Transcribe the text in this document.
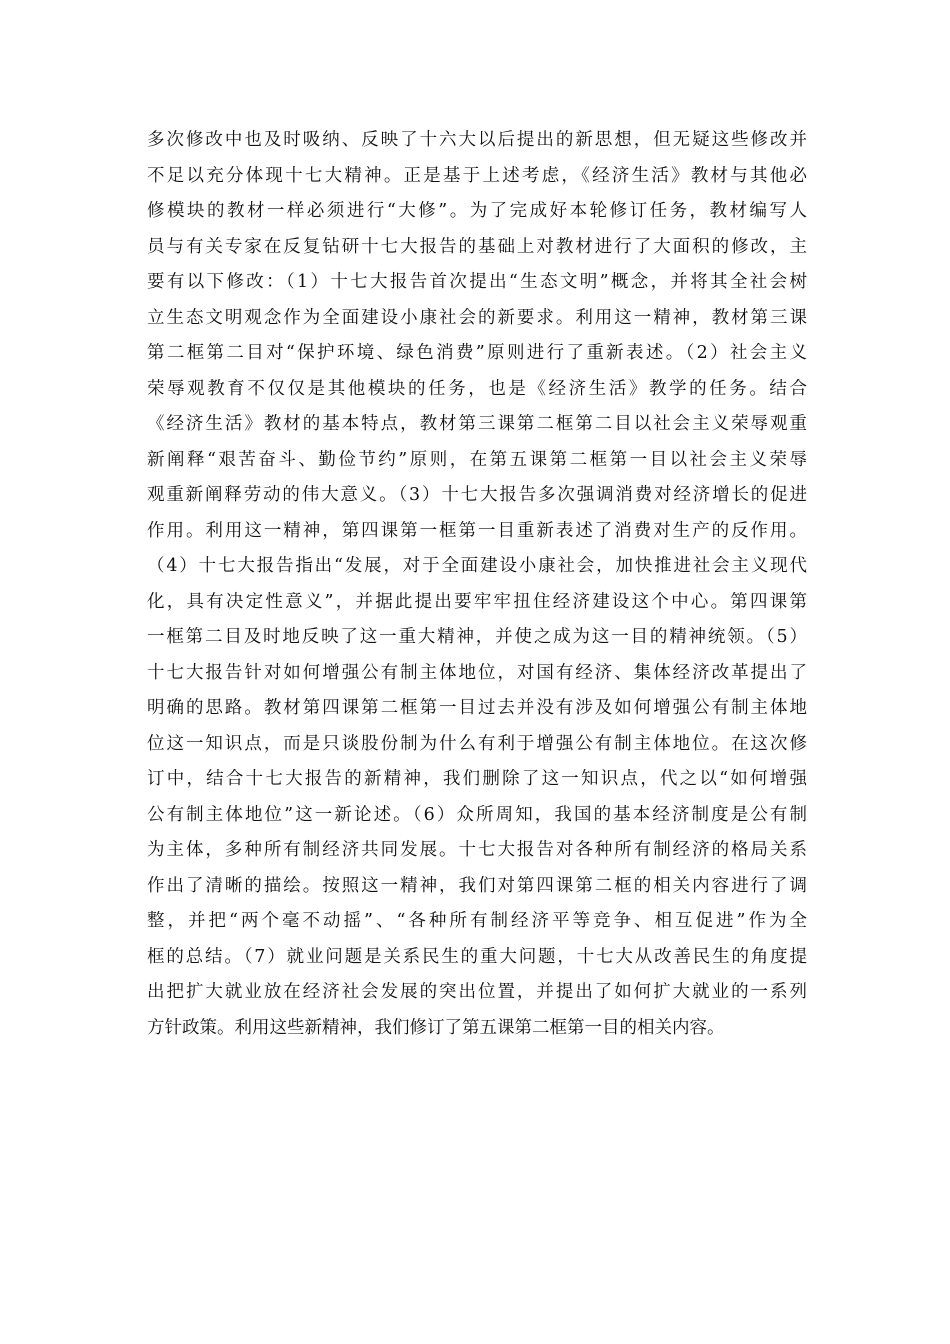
多次修改中也及时吸纳、反映了十六大以后提出的新思想，但无疑这些修改并
不足以充分体现十七大精神。正是基于上述考虑，《经济生活》教材与其他必
修模块的教材一样必须进行“大修”。为了完成好本轮修订任务，教材编写人
员与有关专家在反复钻研十七大报告的基础上对教材进行了大面积的修改，主
要有以下修改：（1）十七大报告首次提出“生态文明”概念，并将其全社会树
立生态文明观念作为全面建设小康社会的新要求。利用这一精神，教材第三课
第二框第二目对“保护环境、绿色消费”原则进行了重新表述。（2）社会主义
荣辱观教育不仅仅是其他模块的任务，也是《经济生活》教学的任务。结合
《经济生活》教材的基本特点，教材第三课第二框第二目以社会主义荣辱观重
新阐释“艰苦奋斗、勤俭节约”原则，在第五课第二框第一目以社会主义荣辱
观重新阐释劳动的伟大意义。（3）十七大报告多次强调消费对经济增长的促进
作用。利用这一精神，第四课第一框第一目重新表述了消费对生产的反作用。
（4）十七大报告指出“发展，对于全面建设小康社会，加快推进社会主义现代
化，具有决定性意义”，并据此提出要牢牢扭住经济建设这个中心。第四课第
一框第二目及时地反映了这一重大精神，并使之成为这一目的精神统领。（5）
十七大报告针对如何增强公有制主体地位，对国有经济、集体经济改革提出了
明确的思路。教材第四课第二框第一目过去并没有涉及如何增强公有制主体地
位这一知识点，而是只谈股份制为什么有利于增强公有制主体地位。在这次修
订中，结合十七大报告的新精神，我们删除了这一知识点，代之以“如何增强
公有制主体地位”这一新论述。（6）众所周知，我国的基本经济制度是公有制
为主体，多种所有制经济共同发展。十七大报告对各种所有制经济的格局关系
作出了清晰的描绘。按照这一精神，我们对第四课第二框的相关内容进行了调
整，并把“两个毫不动摇”、“各种所有制经济平等竞争、相互促进”作为全
框的总结。（7）就业问题是关系民生的重大问题，十七大从改善民生的角度提
出把扩大就业放在经济社会发展的突出位置，并提出了如何扩大就业的一系列
方针政策。利用这些新精神，我们修订了第五课第二框第一目的相关内容。
